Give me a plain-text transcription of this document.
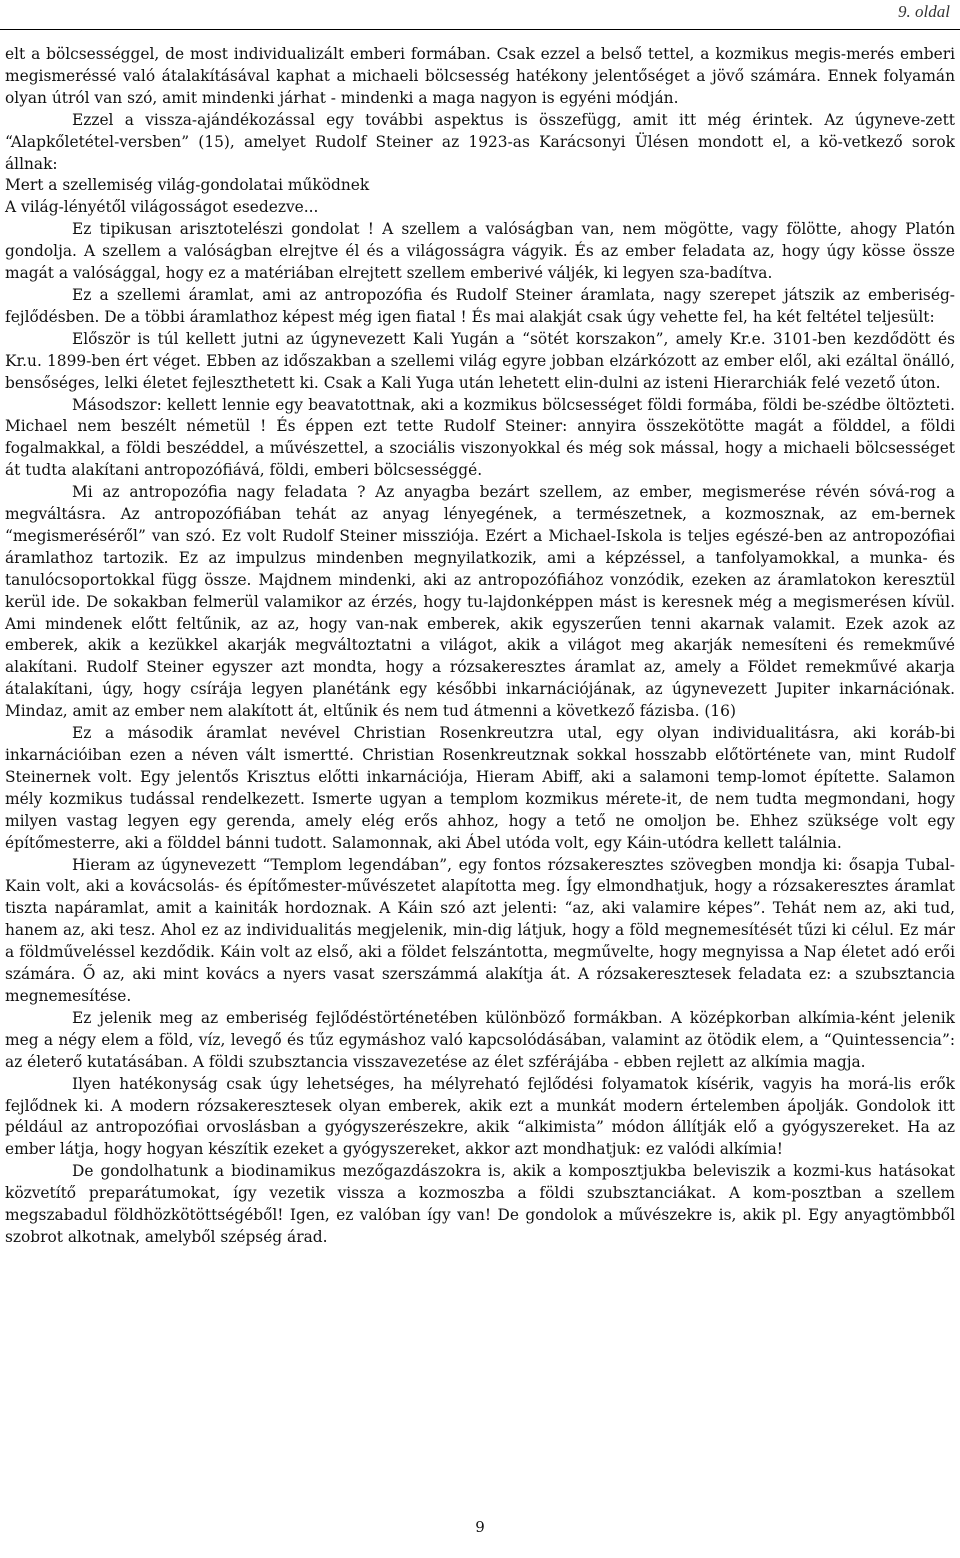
9. oldal

elt a bölcsességgel, de most individualizált emberi formában. Csak ezzel a belső tettel, a kozmikus megis-merés emberi megismeréssé való átalakításával kaphat a michaeli bölcsesség hatékony jelentőséget a jövő számára. Ennek folyamán olyan útról van szó, amit mindenki járhat - mindenki a maga nagyon is egyéni módján.

Ezzel a vissza-ajándékozással egy további aspektus is összefügg, amit itt még érintek. Az úgyneve-zett “Alapkőletétel-versben” (15), amelyet Rudolf Steiner az 1923-as Karácsonyi Ülésen mondott el, a kö-vetkező sorok állnak:

Mert a szellemiség világ-gondolatai működnek

A világ-lényétől világosságot esedezve...

Ez tipikusan arisztotelészi gondolat ! A szellem a valóságban van, nem mögötte, vagy fölötte, ahogy Platón gondolja. A szellem a valóságban elrejtve él és a világosságra vágyik. És az ember feladata az, hogy úgy kösse össze magát a valósággal, hogy ez a matériában elrejtett szellem emberivé váljék, ki legyen sza-badítva.

Ez a szellemi áramlat, ami az antropozófia és Rudolf Steiner áramlata, nagy szerepet játszik az emberiség-fejlődésben. De a többi áramlathoz képest még igen fiatal ! És mai alakját csak úgy vehette fel, ha két feltétel teljesült:

Először is túl kellett jutni az úgynevezett Kali Yugán a “sötét korszakon”, amely Kr.e. 3101-ben kezdődött és Kr.u. 1899-ben ért véget. Ebben az időszakban a szellemi világ egyre jobban elzárkózott az ember elől, aki ezáltal önálló, bensőséges, lelki életet fejleszthetett ki. Csak a Kali Yuga után lehetett elin-dulni az isteni Hierarchiák felé vezető úton.

Másodszor: kellett lennie egy beavatottnak, aki a kozmikus bölcsességet földi formába, földi be-szédbe öltözteti. Michael nem beszélt németül ! És éppen ezt tette Rudolf Steiner: annyira összekötötte magát a földdel, a földi fogalmakkal, a földi beszéddel, a művészettel, a szociális viszonyokkal és még sok mással, hogy a michaeli bölcsességet át tudta alakítani antropozófiává, földi, emberi bölcsességgé.

Mi az antropozófia nagy feladata ? Az anyagba bezárt szellem, az ember, megismerése révén sóvá-rog a megváltásra. Az antropozófiában tehát az anyag lényegének, a természetnek, a kozmosznak, az em-bernek “megismeréséről” van szó. Ez volt Rudolf Steiner missziója. Ezért a Michael-Iskola is teljes egészé-ben az antropozófiai áramlathoz tartozik. Ez az impulzus mindenben megnyilatkozik, ami a képzéssel, a tanfolyamokkal, a munka- és tanulócsoportokkal függ össze. Majdnem mindenki, aki az antropozófiához vonzódik, ezeken az áramlatokon keresztül kerül ide. De sokakban felmerül valamikor az érzés, hogy tu-lajdonképpen mást is keresnek még a megismerésen kívül. Ami mindenek előtt feltűnik, az az, hogy van-nak emberek, akik egyszerűen tenni akarnak valamit. Ezek azok az emberek, akik a kezükkel akarják megváltoztatni a világot, akik a világot meg akarják nemesíteni és remekművé alakítani. Rudolf Steiner egyszer azt mondta, hogy a rózsakeresztes áramlat az, amely a Földet remekművé akarja átalakítani, úgy, hogy csírája legyen planétánk egy későbbi inkarnációjának, az úgynevezett Jupiter inkarnációnak. Mindaz, amit az ember nem alakított át, eltűnik és nem tud átmenni a következő fázisba. (16)

Ez a második áramlat nevével Christian Rosenkreutzra utal, egy olyan individualitásra, aki koráb-bi inkarnációiban ezen a néven vált ismertté. Christian Rosenkreutznak sokkal hosszabb előtörténete van, mint Rudolf Steinernek volt. Egy jelentős Krisztus előtti inkarnációja, Hieram Abiff, aki a salamoni temp-lomot építette. Salamon mély kozmikus tudással rendelkezett. Ismerte ugyan a templom kozmikus mérete-it, de nem tudta megmondani, hogy milyen vastag legyen egy gerenda, amely elég erős ahhoz, hogy a tető ne omoljon be. Ehhez szüksége volt egy építőmesterre, aki a földdel bánni tudott. Salamonnak, aki Ábel utóda volt, egy Káin-utódra kellett találnia.

Hieram az úgynevezett “Templom legendában”, egy fontos rózsakeresztes szövegben mondja ki: ősapja Tubal-Kain volt, aki a kovácsolás- és építőmester-művészetet alapította meg. Így elmondhatjuk, hogy a rózsakeresztes áramlat tiszta napáramlat, amit a kainiták hordoznak. A Káin szó azt jelenti: “az, aki valamire képes”. Tehát nem az, aki tud, hanem az, aki tesz. Ahol ez az individualitás megjelenik, min-dig látjuk, hogy a föld megnemesítését tűzi ki célul. Ez már a földműveléssel kezdődik. Káin volt az első, aki a földet felszántotta, megművelte, hogy megnyissa a Nap életet adó erői számára. Ő az, aki mint kovács a nyers vasat szerszámmá alakítja át. A rózsakeresztesek feladata ez: a szubsztancia megnemesítése.

Ez jelenik meg az emberiség fejlődéstörténetében különböző formákban. A középkorban alkímia-ként jelenik meg a négy elem a föld, víz, levegő és tűz egymáshoz való kapcsolódásában, valamint az ötödik elem, a “Quintessencia”: az életerő kutatásában. A földi szubsztancia visszavezetése az élet szférájába - ebben rejlett az alkímia magja.

Ilyen hatékonyság csak úgy lehetséges, ha mélyreható fejlődési folyamatok kísérik, vagyis ha morá-lis erők fejlődnek ki. A modern rózsakeresztesek olyan emberek, akik ezt a munkát modern értelemben ápolják. Gondolok itt például az antropozófiai orvoslásban a gyógyszerészekre, akik “alkimista” módon állítják elő a gyógyszereket. Ha az ember látja, hogy hogyan készítik ezeket a gyógyszereket, akkor azt mondhatjuk: ez valódi alkímia!

De gondolhatunk a biodinamikus mezőgazdászokra is, akik a komposztjukba beleviszik a kozmi-kus hatásokat közvetítő preparátumokat, így vezetik vissza a kozmoszba a földi szubsztanciákat. A kom-posztban a szellem megszabadul földhözkötöttségéből! Igen, ez valóban így van! De gondolok a művészekre is, akik pl. Egy anyagtömbből szobrot alkotnak, amelyből szépség árad.

9
